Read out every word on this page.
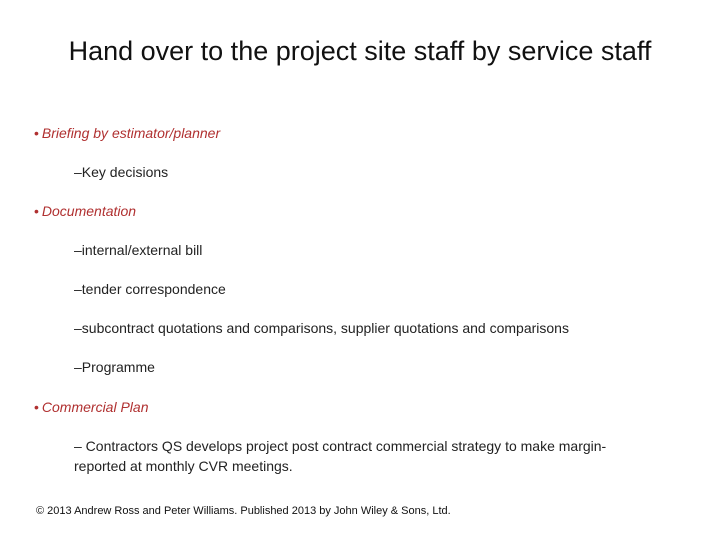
Hand over to the project site staff by service staff
• Briefing by estimator/planner
–Key decisions
• Documentation
–internal/external bill
–tender correspondence
–subcontract quotations and comparisons, supplier quotations and comparisons
–Programme
• Commercial Plan
– Contractors QS develops project post contract commercial strategy to make margin-reported at monthly CVR meetings.
© 2013 Andrew Ross and Peter Williams. Published 2013 by John Wiley & Sons, Ltd.
